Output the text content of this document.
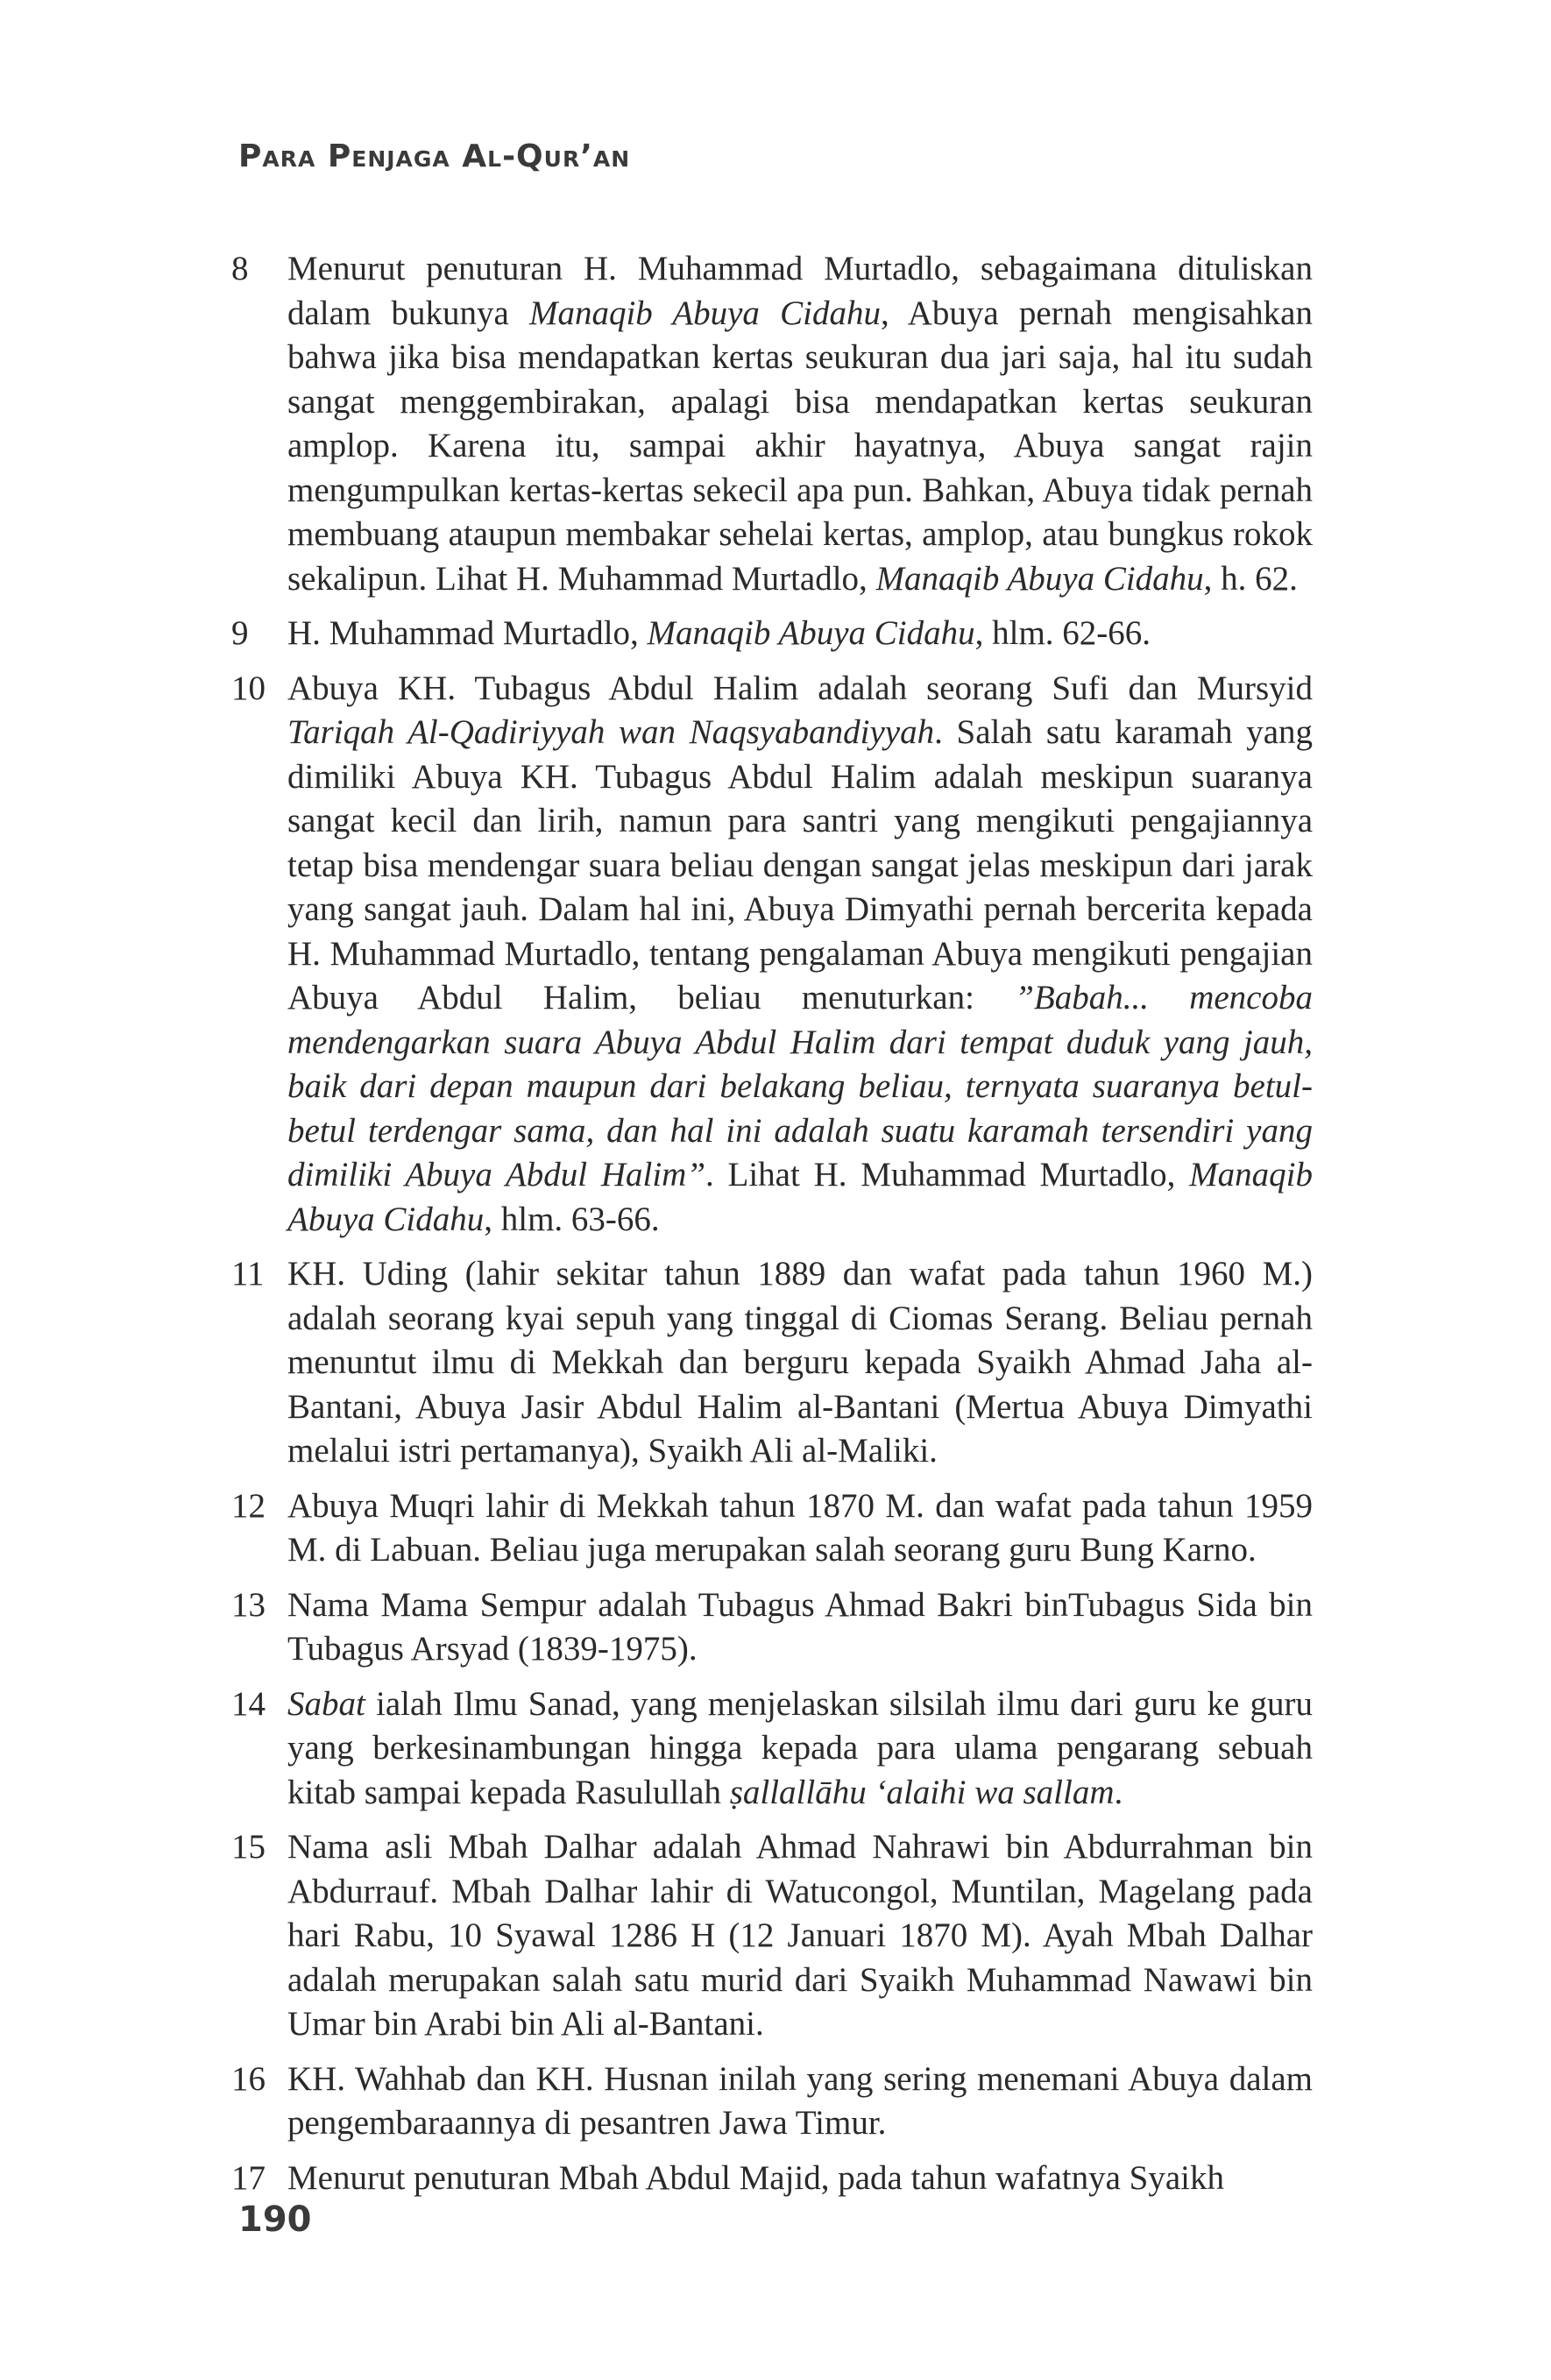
Para Penjaga Al-Qur’an
8	Menurut penuturan H. Muhammad Murtadlo, sebagaimana dituliskan dalam bukunya Manaqib Abuya Cidahu, Abuya pernah mengisahkan bahwa jika bisa mendapatkan kertas seukuran dua jari saja, hal itu sudah sangat menggembirakan, apalagi bisa mendapatkan kertas seukuran amplop. Karena itu, sampai akhir hayatnya, Abuya sangat rajin mengumpulkan kertas-kertas sekecil apa pun. Bahkan, Abuya tidak pernah membuang ataupun membakar sehelai kertas, amplop, atau bungkus rokok sekalipun. Lihat H. Muhammad Murtadlo, Manaqib Abuya Cidahu, h. 62.
9	H. Muhammad Murtadlo, Manaqib Abuya Cidahu, hlm. 62-66.
10 Abuya KH. Tubagus Abdul Halim adalah seorang Sufi dan Mursyid Tariqah Al-Qadiriyyah wan Naqsyabandiyyah. Salah satu karamah yang dimiliki Abuya KH. Tubagus Abdul Halim adalah meskipun suaranya sangat kecil dan lirih, namun para santri yang mengikuti pengajiannya tetap bisa mendengar suara beliau dengan sangat jelas meskipun dari jarak yang sangat jauh. Dalam hal ini, Abuya Dimyathi pernah bercerita kepada H. Muhammad Murtadlo, tentang pengalaman Abuya mengikuti pengajian Abuya Abdul Halim, beliau menuturkan: ”Babah... mencoba mendengarkan suara Abuya Abdul Halim dari tempat duduk yang jauh, baik dari depan maupun dari belakang beliau, ternyata suaranya betul-betul terdengar sama, dan hal ini adalah suatu karamah tersendiri yang dimiliki Abuya Abdul Halim”. Lihat H. Muhammad Murtadlo, Manaqib Abuya Cidahu, hlm. 63-66.
11 KH. Uding (lahir sekitar tahun 1889 dan wafat pada tahun 1960 M.) adalah seorang kyai sepuh yang tinggal di Ciomas Serang. Beliau pernah menuntut ilmu di Mekkah dan berguru kepada Syaikh Ahmad Jaha al-Bantani, Abuya Jasir Abdul Halim al-Bantani (Mertua Abuya Dimyathi melalui istri pertamanya), Syaikh Ali al-Maliki.
12 Abuya Muqri lahir di Mekkah tahun 1870 M. dan wafat pada tahun 1959 M. di Labuan. Beliau juga merupakan salah seorang guru Bung Karno.
13 Nama Mama Sempur adalah Tubagus Ahmad Bakri binTubagus Sida bin Tubagus Arsyad (1839-1975).
14 Sabat ialah Ilmu Sanad, yang menjelaskan silsilah ilmu dari guru ke guru yang berkesinambungan hingga kepada para ulama pengarang sebuah kitab sampai kepada Rasulullah ṣallallāhu ‘alaihi wa sallam.
15 Nama asli Mbah Dalhar adalah Ahmad Nahrawi bin Abdurrahman bin Abdurrauf. Mbah Dalhar lahir di Watucongol, Muntilan, Magelang pada hari Rabu, 10 Syawal 1286 H (12 Januari 1870 M). Ayah Mbah Dalhar adalah merupakan salah satu murid dari Syaikh Muhammad Nawawi bin Umar bin Arabi bin Ali al-Bantani.
16 KH. Wahhab dan KH. Husnan inilah yang sering menemani Abuya dalam pengembaraannya di pesantren Jawa Timur.
17 Menurut penuturan Mbah Abdul Majid, pada tahun wafatnya Syaikh
190
